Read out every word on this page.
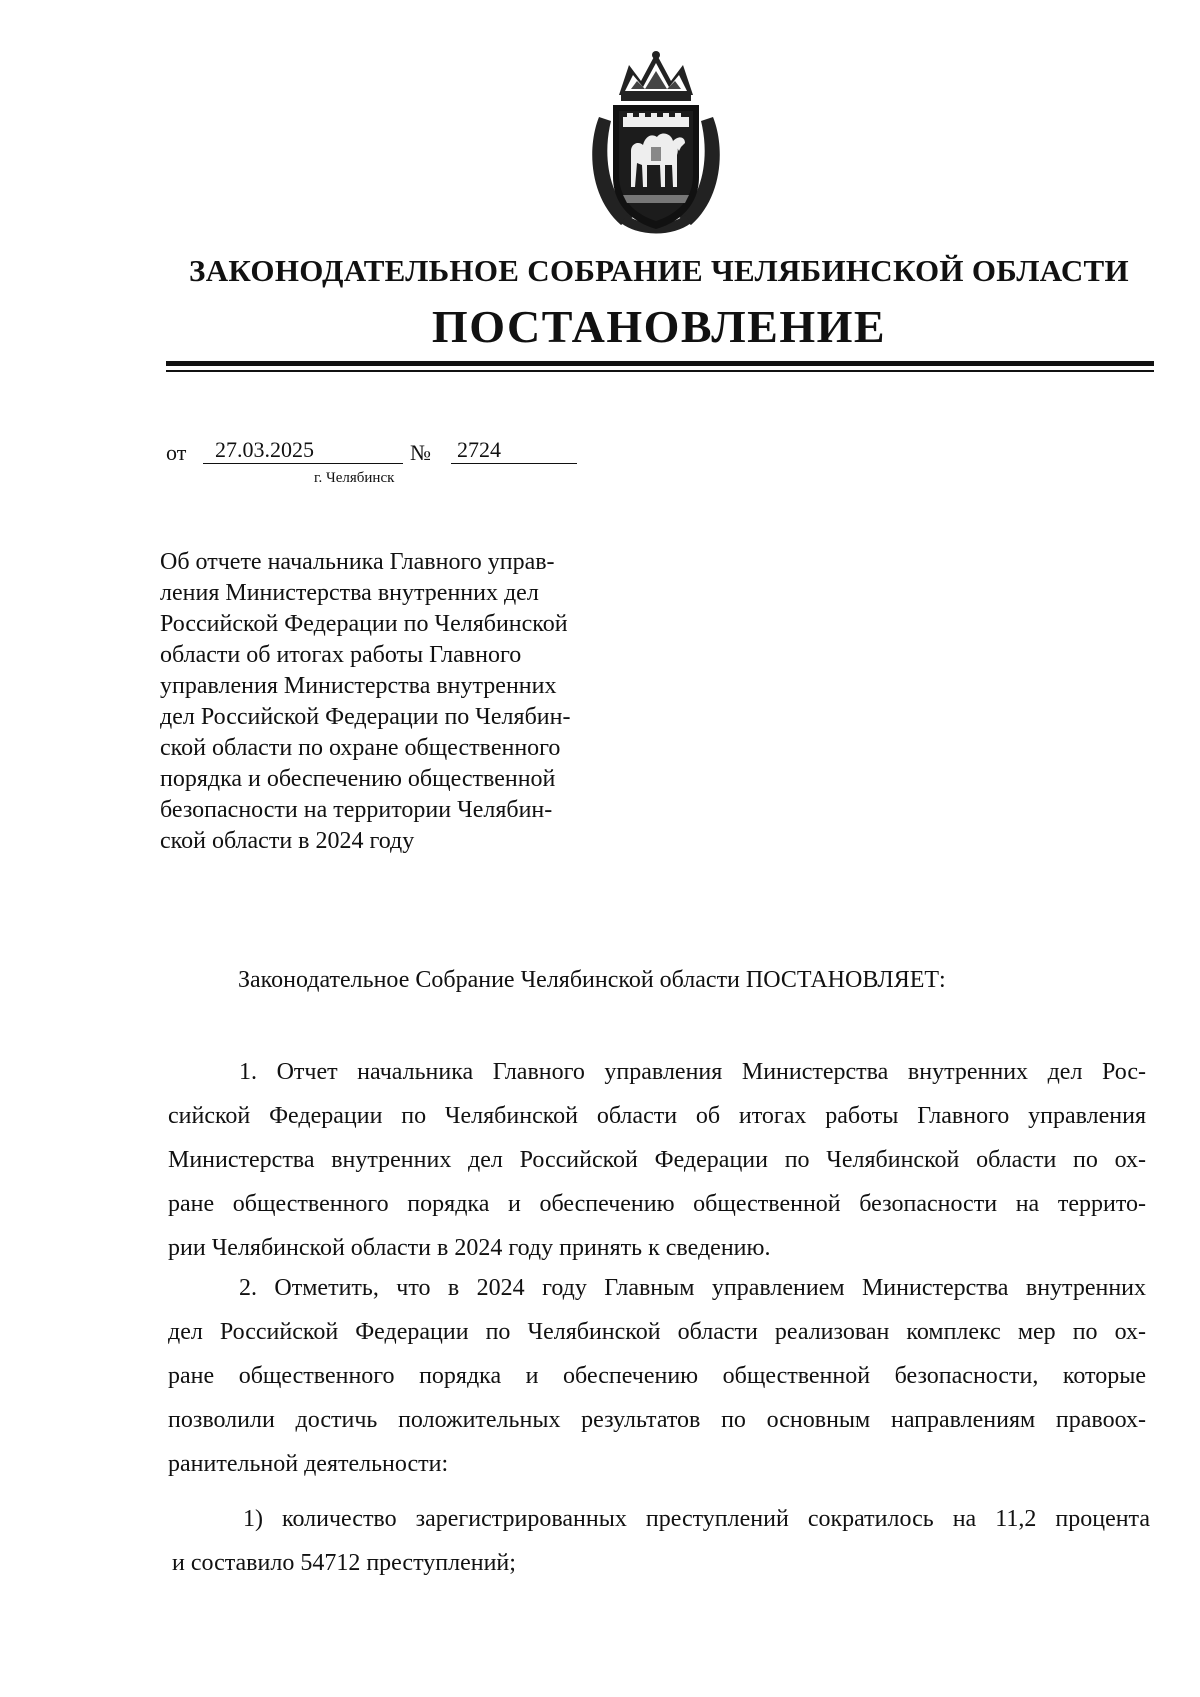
ЗАКОНОДАТЕЛЬНОЕ СОБРАНИЕ ЧЕЛЯБИНСКОЙ ОБЛАСТИ
ПОСТАНОВЛЕНИЕ
от	27.03.2025	№ 2724
г. Челябинск
Об отчете начальника Главного управ-
ления Министерства внутренних дел
Российской Федерации по Челябинской
области об итогах работы Главного
управления Министерства внутренних
дел Российской Федерации по Челябин-
ской области по охране общественного
порядка и обеспечению общественной
безопасности на территории Челябин-
ской области в 2024 году
Законодательное Собрание Челябинской области ПОСТАНОВЛЯЕТ:
1. Отчет начальника Главного управления Министерства внутренних дел Рос-
сийской Федерации по Челябинской области об итогах работы Главного управления
Министерства внутренних дел Российской Федерации по Челябинской области по ох-
ране общественного порядка и обеспечению общественной безопасности на террито-
рии Челябинской области в 2024 году принять к сведению.
2. Отметить, что в 2024 году Главным управлением Министерства внутренних
дел Российской Федерации по Челябинской области реализован комплекс мер по ох-
ране общественного порядка и обеспечению общественной безопасности, которые
позволили достичь положительных результатов по основным направлениям правоох-
ранительной деятельности:
1) количество зарегистрированных преступлений сократилось на 11,2 процента
и составило 54712 преступлений;
